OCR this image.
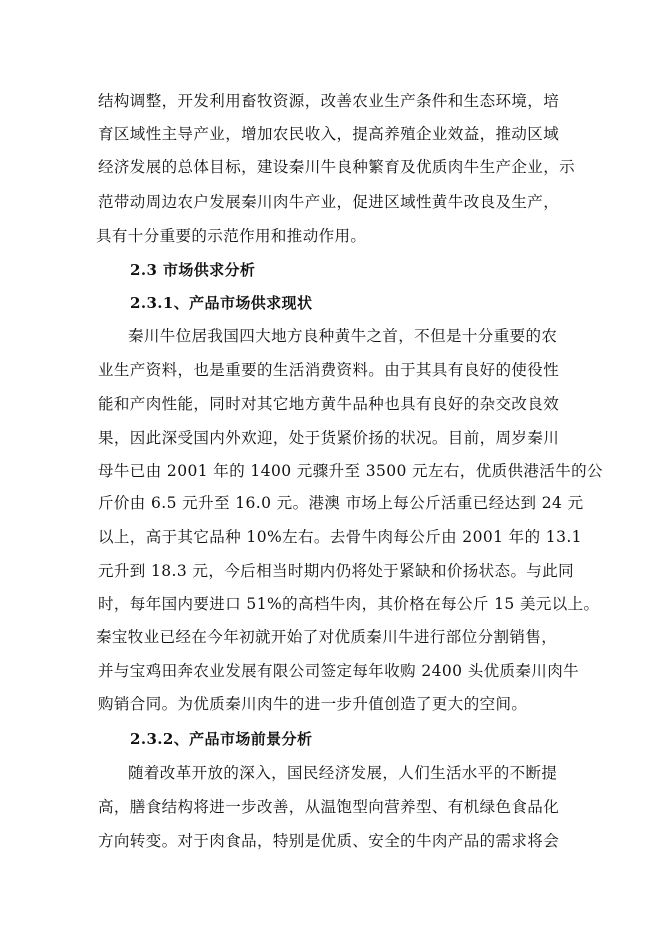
结构调整，开发利用畜牧资源，改善农业生产条件和生态环境，培
育区域性主导产业，增加农民收入，提高养殖企业效益，推动区域
经济发展的总体目标，建设秦川牛良种繁育及优质肉牛生产企业，示
范带动周边农户发展秦川肉牛产业，促进区域性黄牛改良及生产，
具有十分重要的示范作用和推动作用。
2.3 市场供求分析
2.3.1、产品市场供求现状
秦川牛位居我国四大地方良种黄牛之首，不但是十分重要的农
业生产资料，也是重要的生活消费资料。由于其具有良好的使役性
能和产肉性能，同时对其它地方黄牛品种也具有良好的杂交改良效
果，因此深受国内外欢迎，处于货紧价扬的状况。目前，周岁秦川
母牛已由 2001 年的 1400 元骤升至 3500 元左右，优质供港活牛的公
斤价由 6.5 元升至 16.0 元。港澳 市场上每公斤活重已经达到 24 元
以上，高于其它品种 10%左右。去骨牛肉每公斤由 2001 年的 13.1
元升到 18.3 元，今后相当时期内仍将处于紧缺和价扬状态。与此同
时，每年国内要进口 51%的高档牛肉，其价格在每公斤 15 美元以上。
秦宝牧业已经在今年初就开始了对优质秦川牛进行部位分割销售，
并与宝鸡田奔农业发展有限公司签定每年收购 2400 头优质秦川肉牛
购销合同。为优质秦川肉牛的进一步升值创造了更大的空间。
2.3.2、产品市场前景分析
随着改革开放的深入，国民经济发展，人们生活水平的不断提
高，膳食结构将进一步改善，从温饱型向营养型、有机绿色食品化
方向转变。对于肉食品，特别是优质、安全的牛肉产品的需求将会
